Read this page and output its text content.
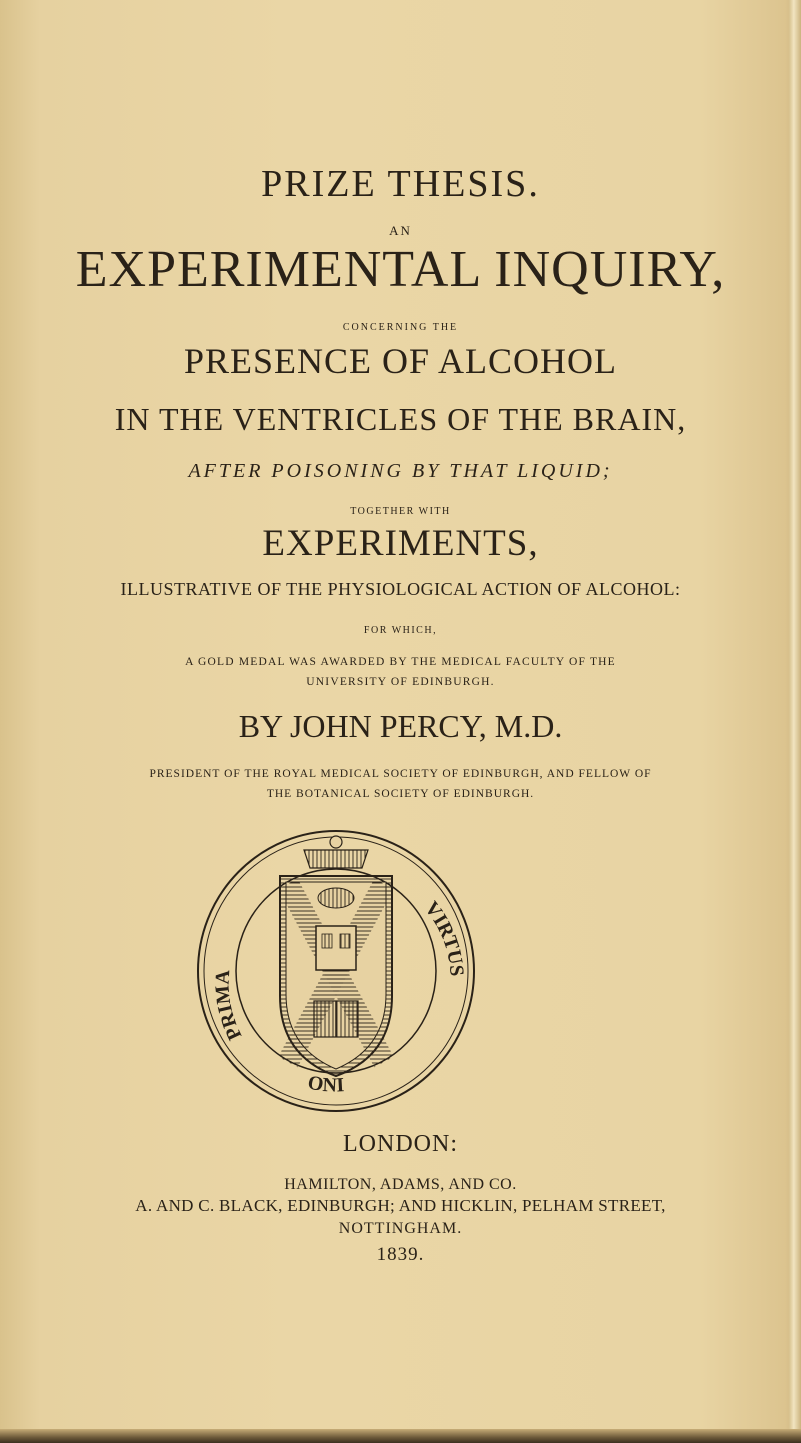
PRIZE THESIS.

AN

EXPERIMENTAL INQUIRY,

CONCERNING THE

PRESENCE OF ALCOHOL

IN THE VENTRICLES OF THE BRAIN,

AFTER POISONING BY THAT LIQUID;

TOGETHER WITH

EXPERIMENTS,

ILLUSTRATIVE OF THE PHYSIOLOGICAL ACTION OF ALCOHOL:

FOR WHICH,

A GOLD MEDAL WAS AWARDED BY THE MEDICAL FACULTY OF THE

UNIVERSITY OF EDINBURGH.

BY JOHN PERCY, M.D.

PRESIDENT OF THE ROYAL MEDICAL SOCIETY OF EDINBURGH, AND FELLOW OF

THE BOTANICAL SOCIETY OF EDINBURGH.

PRIMA
VIRTUS
ONI

LONDON:

HAMILTON, ADAMS, AND CO.

A. AND C. BLACK, EDINBURGH; AND HICKLIN, PELHAM STREET,

NOTTINGHAM.

1839.
